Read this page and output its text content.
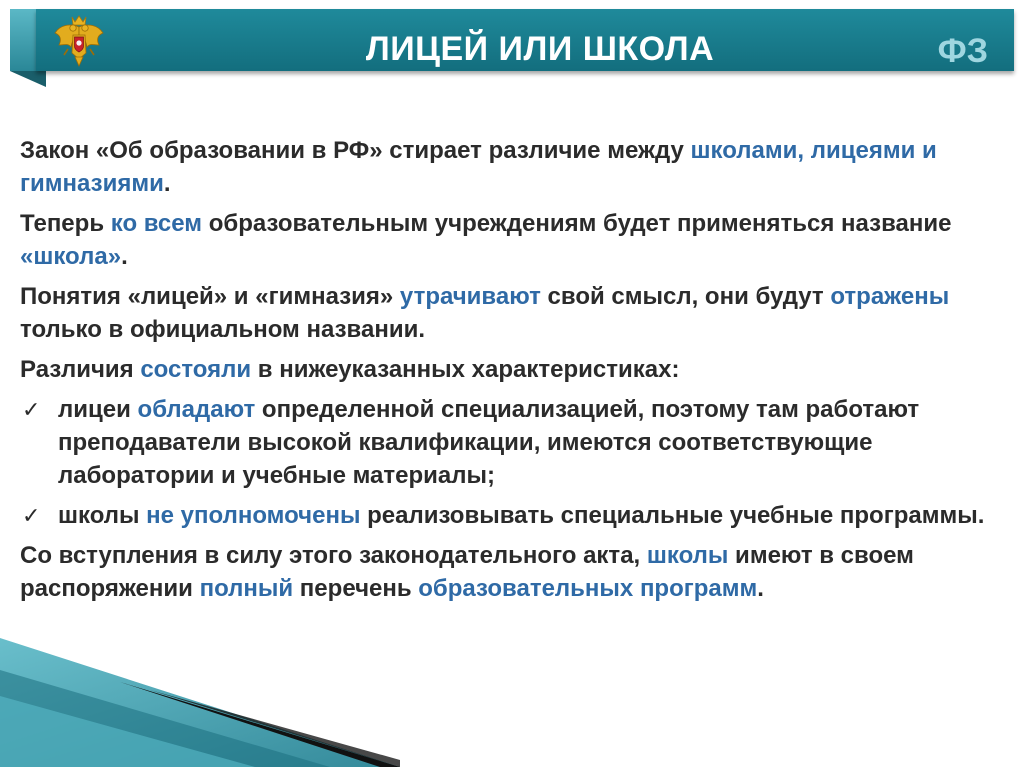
ЛИЦЕЙ ИЛИ ШКОЛА	ФЗ

Закон «Об образовании в РФ» стирает различие между школами, лицеями и гимназиями.

Теперь ко всем образовательным учреждениям будет применяться название «школа».

Понятия «лицей» и «гимназия» утрачивают свой смысл, они будут отражены только в официальном названии.

Различия состояли в нижеуказанных характеристиках:

✓ лицеи обладают определенной специализацией, поэтому там работают преподаватели высокой квалификации, имеются соответствующие лаборатории и учебные материалы;
✓ школы не уполномочены реализовывать специальные учебные программы.

Со вступления в силу этого законодательного акта, школы имеют в своем распоряжении полный перечень образовательных программ.
